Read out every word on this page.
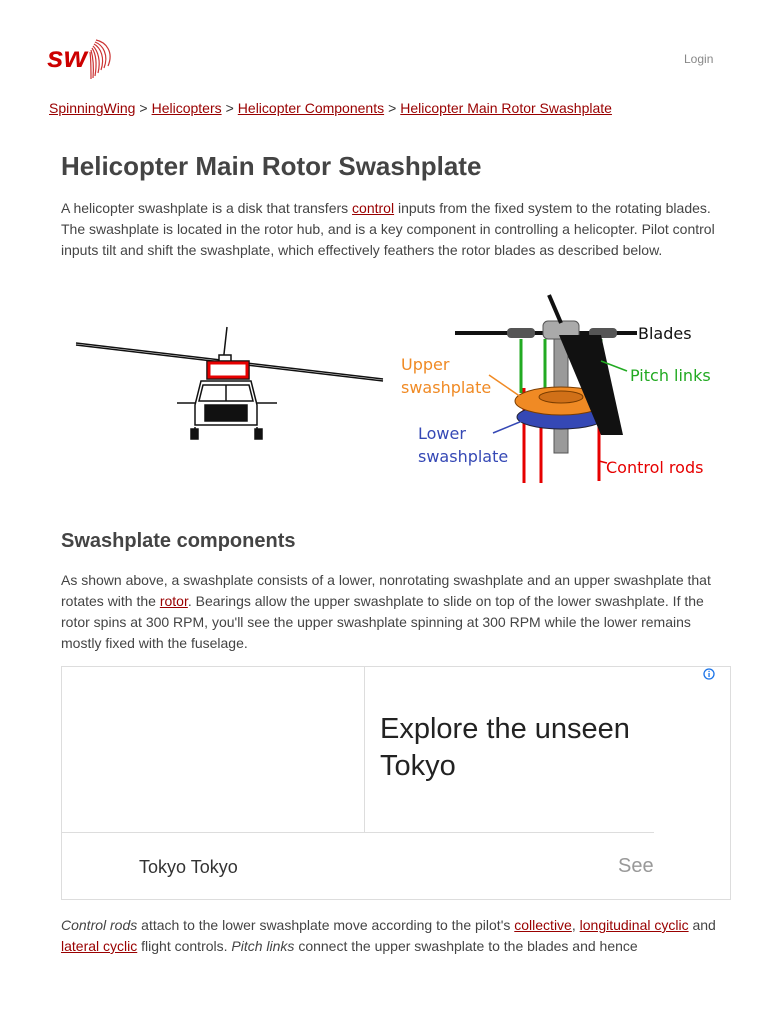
sw	Login
SpinningWing > Helicopters > Helicopter Components > Helicopter Main Rotor Swashplate
Helicopter Main Rotor Swashplate

A helicopter swashplate is a disk that transfers control inputs from the fixed system to the rotating blades. The swashplate is located in the rotor hub, and is a key component in controlling a helicopter. Pilot control inputs tilt and shift the swashplate, which effectively feathers the rotor blades as described below.

Blades
Upper
swashplate
Pitch links
Lower
swashplate
Control rods
Swashplate components

As shown above, a swashplate consists of a lower, nonrotating swashplate and an upper swashplate that rotates with the rotor. Bearings allow the upper swashplate to slide on top of the lower swashplate. If the rotor spins at 300 RPM, you'll see the upper swashplate spinning at 300 RPM while the lower remains mostly fixed with the fuselage.

Explore the unseen
Tokyo
Tokyo Tokyo	See

Control rods attach to the lower swashplate move according to the pilot's collective, longitudinal cyclic and lateral cyclic flight controls. Pitch links connect the upper swashplate to the blades and hence
